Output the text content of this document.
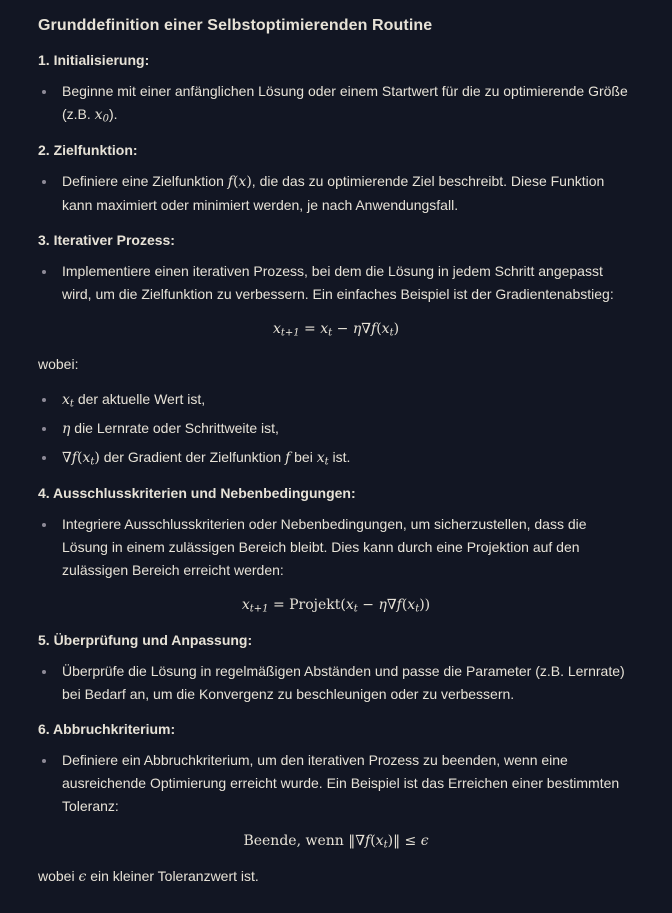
Grunddefinition einer Selbstoptimierenden Routine
1. Initialisierung:
Beginne mit einer anfänglichen Lösung oder einem Startwert für die zu optimierende Größe (z.B. $x_0$).
2. Zielfunktion:
Definiere eine Zielfunktion f(x), die das zu optimierende Ziel beschreibt. Diese Funktion kann maximiert oder minimiert werden, je nach Anwendungsfall.
3. Iterativer Prozess:
Implementiere einen iterativen Prozess, bei dem die Lösung in jedem Schritt angepasst wird, um die Zielfunktion zu verbessern. Ein einfaches Beispiel ist der Gradientenabstieg:
$x_{t+1} = x_t - \eta\nabla f(x_t)$
wobei:
$x_t$ der aktuelle Wert ist,
η die Lernrate oder Schrittweite ist,
$\nabla f(x_t)$ der Gradient der Zielfunktion f bei $x_t$ ist.
4. Ausschlusskriterien und Nebenbedingungen:
Integriere Ausschlusskriterien oder Nebenbedingungen, um sicherzustellen, dass die Lösung in einem zulässigen Bereich bleibt. Dies kann durch eine Projektion auf den zulässigen Bereich erreicht werden:
$x_{t+1}$ = $Projekt(x_t - \eta\nabla f(x_t))$
5. Überprüfung und Anpassung:
Überprüfe die Lösung in regelmäßigen Abständen und passe die Parameter (z.B. Lernrate) bei Bedarf an, um die Konvergenz zu beschleunigen oder zu verbessern.
6. Abbruchkriterium:
Definiere ein Abbruchkriterium, um den iterativen Prozess zu beenden, wenn eine ausreichende Optimierung erreicht wurde. Ein Beispiel ist das Erreichen einer bestimmten Toleranz:
Beende, wenn $‖\nabla f(x_t)‖ \le \epsilon$
wobei ϵ ein kleiner Toleranzwert ist.
